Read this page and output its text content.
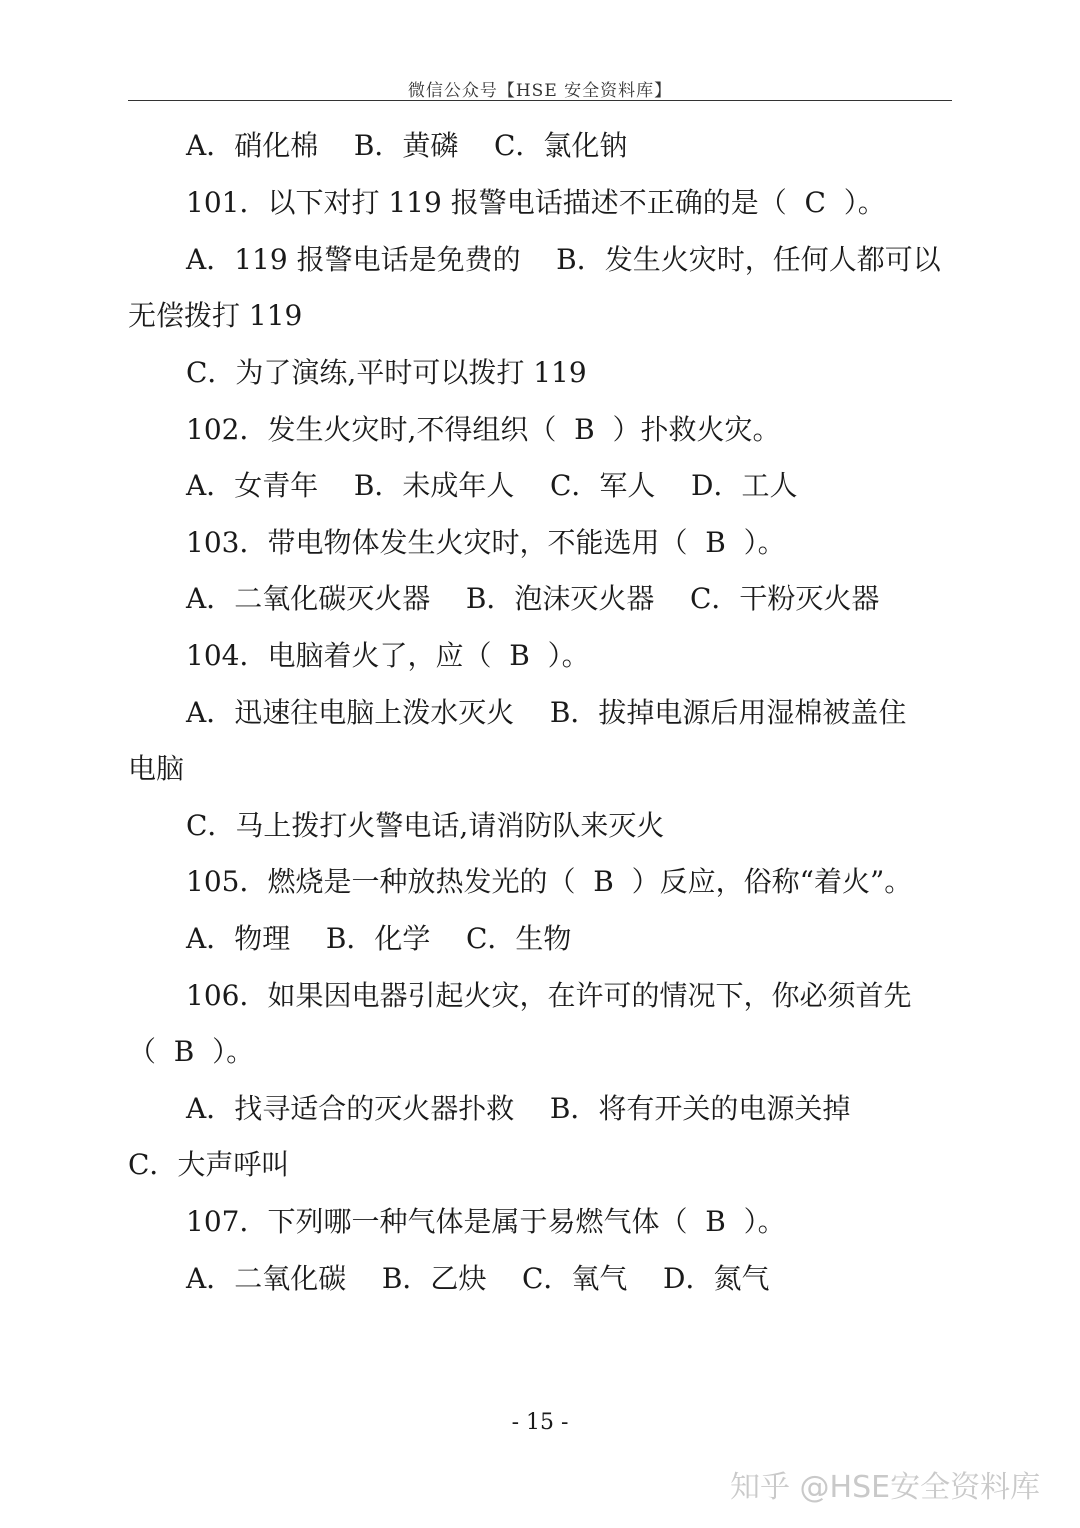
微信公众号【HSE 安全资料库】
A．硝化棉    B．黄磷    C．氯化钠
101．以下对打 119 报警电话描述不正确的是（  C  ）。
A．119 报警电话是免费的    B．发生火灾时，任何人都可以
无偿拨打 119
C．为了演练,平时可以拨打 119
102．发生火灾时,不得组织（  B  ）扑救火灾。
A．女青年    B．未成年人    C．军人    D．工人
103．带电物体发生火灾时，不能选用（  B  ）。
A．二氧化碳灭火器    B．泡沫灭火器    C．干粉灭火器
104．电脑着火了，应（  B  ）。
A．迅速往电脑上泼水灭火    B．拔掉电源后用湿棉被盖住
电脑
C．马上拨打火警电话,请消防队来灭火
105．燃烧是一种放热发光的（  B  ）反应，俗称“着火”。
A．物理    B．化学    C．生物
106．如果因电器引起火灾，在许可的情况下，你必须首先
（  B  ）。
A．找寻适合的灭火器扑救    B．将有开关的电源关掉
C．大声呼叫
107．下列哪一种气体是属于易燃气体（  B  ）。
A．二氧化碳    B．乙炔    C．氧气    D．氮气
- 15 -
知乎 @HSE安全资料库
